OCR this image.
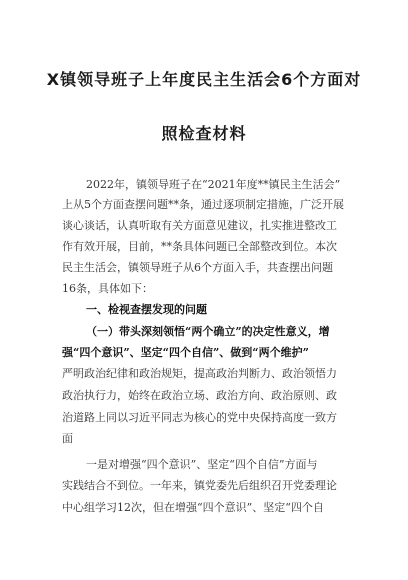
X镇领导班子上年度民主生活会6个方面对
照检查材料
2022年，镇领导班子在“2021年度**镇民主生活会”
上从5个方面查摆问题**条，通过逐项制定措施，广泛开展
谈心谈话，认真听取有关方面意见建议，扎实推进整改工
作有效开展，目前，**条具体问题已全部整改到位。本次
民主生活会，镇领导班子从6个方面入手，共查摆出问题
16条，具体如下：
一、检视查摆发现的问题
（一）带头深刻领悟“两个确立”的决定性意义，增
强“四个意识”、坚定“四个自信”、做到“两个维护”
严明政治纪律和政治规矩，提高政治判断力、政治领悟力
政治执行力，始终在政治立场、政治方向、政治原则、政
治道路上同以习近平同志为核心的党中央保持高度一致方
面
一是对增强“四个意识”、坚定“四个自信”方面与
实践结合不到位。一年来，镇党委先后组织召开党委理论
中心组学习12次，但在增强“四个意识”、坚定“四个自
